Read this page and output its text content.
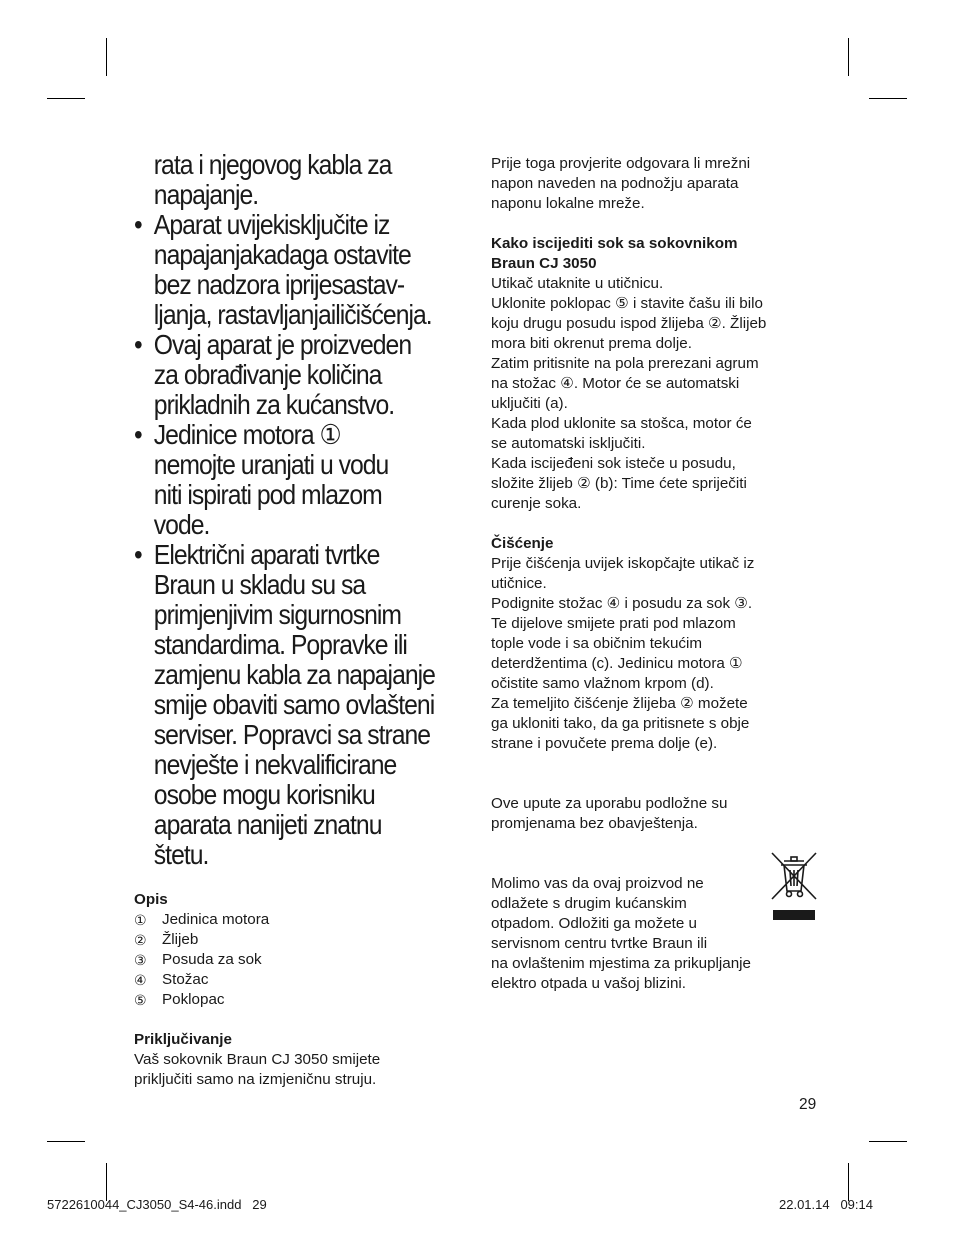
rata i njegovog kabla za
napajanje.
• Aparat uvijekisključite iz
napajanjakadaga ostavite
bez nadzora iprijesastav-
ljanja, rastavljanjailičišćenja.
• Ovaj aparat je proizveden
za obrađivanje količina
prikladnih za kućanstvo.
• Jedinice motora ①
nemojte uranjati u vodu
niti ispirati pod mlazom
vode.
• Električni aparati tvrtke
Braun u skladu su sa
primjenjivim sigurnosnim
standardima. Popravke ili
zamjenu kabla za napajanje
smije obaviti samo ovlašteni
serviser. Popravci sa strane
nevješte i nekvalificirane
osobe mogu korisniku
aparata nanijeti znatnu
štetu.
Opis
①	Jedinica motora
②	Žlijeb
③	Posuda za sok
④	Stožac
⑤	Poklopac
Priključivanje
Vaš sokovnik Braun CJ 3050 smijete
priključiti samo na izmjeničnu struju.
Prije toga provjerite odgovara li mrežni
napon naveden na podnožju aparata
naponu lokalne mreže.
Kako iscijediti sok sa sokovnikom
Braun CJ 3050
Utikač utaknite u utičnicu.
Uklonite poklopac ⑤ i stavite čašu ili bilo
koju drugu posudu ispod žlijeba ②. Žlijeb
mora biti okrenut prema dolje.
Zatim pritisnite na pola prerezani agrum
na stožac ④. Motor će se automatski
uključiti (a).
Kada plod uklonite sa stošca, motor će
se automatski isključiti.
Kada iscijeđeni sok isteče u posudu,
složite žlijeb ② (b): Time ćete spriječiti
curenje soka.
Čišćenje
Prije čišćenja uvijek iskopčajte utikač iz
utičnice.
Podignite stožac ④ i posudu za sok ③.
Te dijelove smijete prati pod mlazom
tople vode i sa običnim tekućim
deterdžentima (c). Jedinicu motora ①
očistite samo vlažnom krpom (d).
Za temeljito čišćenje žlijeba ② možete
ga ukloniti tako, da ga pritisnete s obje
strane i povučete prema dolje (e).
Ove upute za uporabu podložne su
promjenama bez obavještenja.
Molimo vas da ovaj proizvod ne
odlažete s drugim kućanskim
otpadom. Odložiti ga možete u
servisnom centru tvrtke Braun ili
na ovlaštenim mjestima za prikupljanje
elektro otpada u vašoj blizini.
29
5722610044_CJ3050_S4-46.indd   29	22.01.14   09:14
